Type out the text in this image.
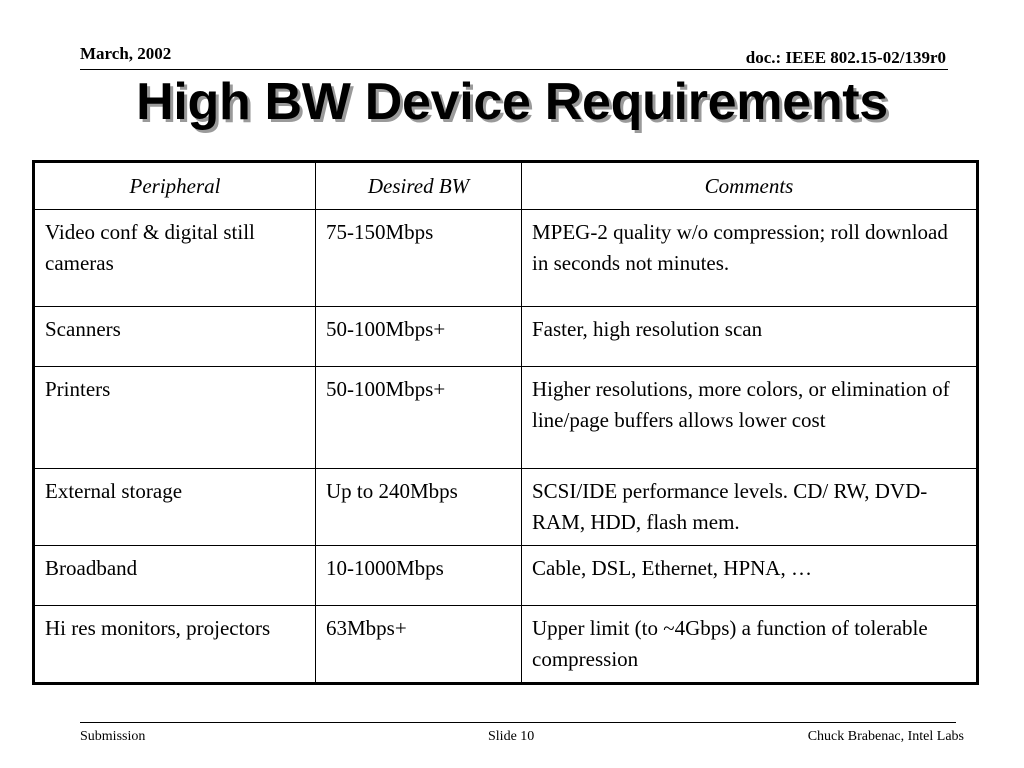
March, 2002	doc.: IEEE 802.15-02/139r0
High BW Device Requirements
Peripheral	Desired BW	Comments
Video conf & digital still cameras	75-150Mbps	MPEG-2 quality w/o compression; roll download in seconds not minutes.
Scanners	50-100Mbps+	Faster, high resolution scan
Printers	50-100Mbps+	Higher resolutions, more colors, or elimination of line/page buffers allows lower cost
External storage	Up to 240Mbps	SCSI/IDE performance levels. CD/ RW, DVD-RAM, HDD, flash mem.
Broadband	10-1000Mbps	Cable, DSL, Ethernet, HPNA, …
Hi res monitors, projectors	63Mbps+	Upper limit (to ~4Gbps) a function of tolerable compression
Submission	Slide 10	Chuck Brabenac, Intel Labs
